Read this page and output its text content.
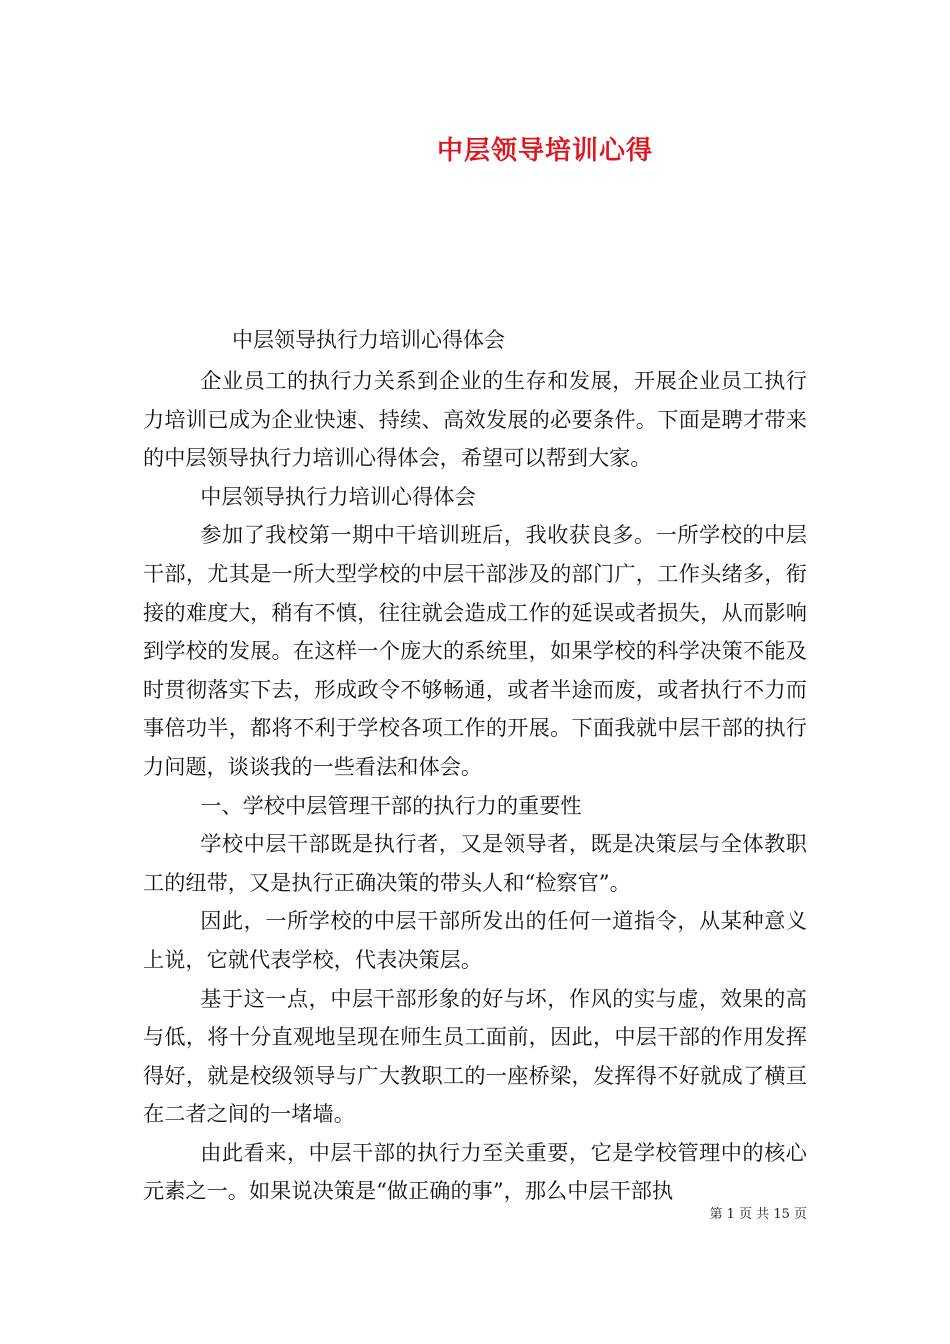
中层领导培训心得

中层领导执行力培训心得体会

企业员工的执行力关系到企业的生存和发展，开展企业员工执行力培训已成为企业快速、持续、高效发展的必要条件。下面是聘才带来的中层领导执行力培训心得体会，希望可以帮到大家。

中层领导执行力培训心得体会

参加了我校第一期中干培训班后，我收获良多。一所学校的中层干部，尤其是一所大型学校的中层干部涉及的部门广，工作头绪多，衔接的难度大，稍有不慎，往往就会造成工作的延误或者损失，从而影响到学校的发展。在这样一个庞大的系统里，如果学校的科学决策不能及时贯彻落实下去，形成政令不够畅通，或者半途而废，或者执行不力而事倍功半，都将不利于学校各项工作的开展。下面我就中层干部的执行力问题，谈谈我的一些看法和体会。

一、学校中层管理干部的执行力的重要性

学校中层干部既是执行者，又是领导者，既是决策层与全体教职工的纽带，又是执行正确决策的带头人和“检察官”。

因此，一所学校的中层干部所发出的任何一道指令，从某种意义上说，它就代表学校，代表决策层。

基于这一点，中层干部形象的好与坏，作风的实与虚，效果的高与低，将十分直观地呈现在师生员工面前，因此，中层干部的作用发挥得好，就是校级领导与广大教职工的一座桥梁，发挥得不好就成了横亘在二者之间的一堵墙。

由此看来，中层干部的执行力至关重要，它是学校管理中的核心元素之一。如果说决策是“做正确的事”，那么中层干部执

第 1 页 共 15 页
